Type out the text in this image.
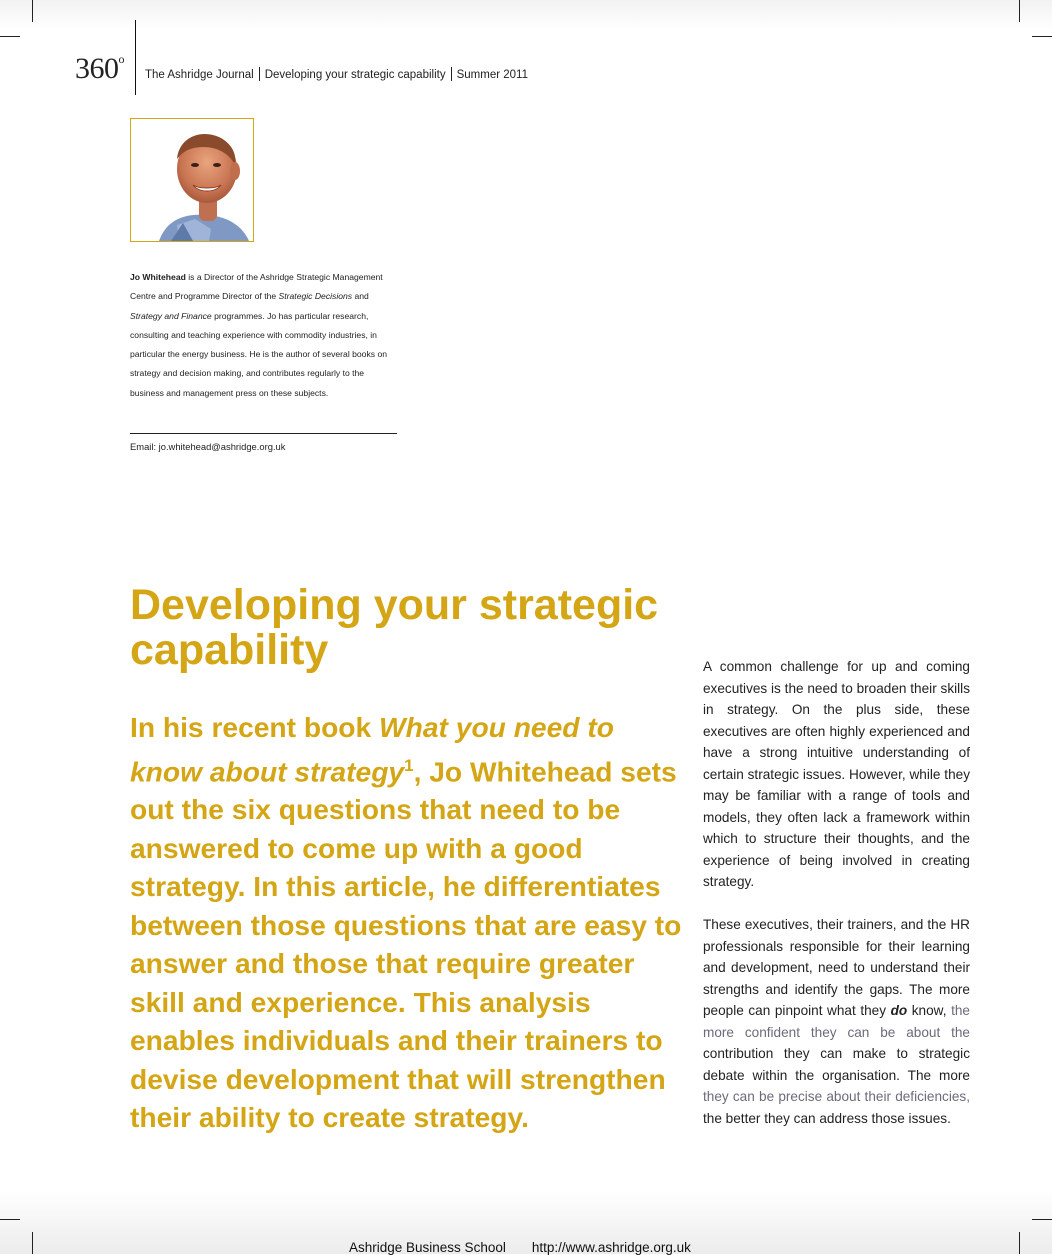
360$^o$
The Ashridge Journal Developing your strategic capability Summer 2011
Jo Whitehead is a Director of the Ashridge Strategic Management Centre and Programme Director of the Strategic Decisions and Strategy and Finance programmes. Jo has particular research, consulting and teaching experience with commodity industries, in particular the energy business. He is the author of several books on strategy and decision making, and contributes regularly to the business and management press on these subjects.
Email: jo.whitehead@ashridge.org.uk
Developing your strategic capability

In his recent book What you need to know about strategy$^1$, Jo Whitehead sets out the six questions that need to be answered to come up with a good strategy. In this article, he differentiates between those questions that are easy to answer and those that require greater skill and experience. This analysis enables individuals and their trainers to devise development that will strengthen their ability to create strategy.

A common challenge for up and coming executives is the need to broaden their skills in strategy. On the plus side, these executives are often highly experienced and have a strong intuitive understanding of certain strategic issues. However, while they may be familiar with a range of tools and models, they often lack a framework within which to structure their thoughts, and the experience of being involved in creating strategy.

These executives, their trainers, and the HR professionals responsible for their learning and development, need to understand their strengths and identify the gaps. The more people can pinpoint what they do know, the more confident they can be about the contribution they can make to strategic debate within the organisation. The more they can be precise about their deficiencies, the better they can address those issues.

Ashridge Business School http://www.ashridge.org.uk
